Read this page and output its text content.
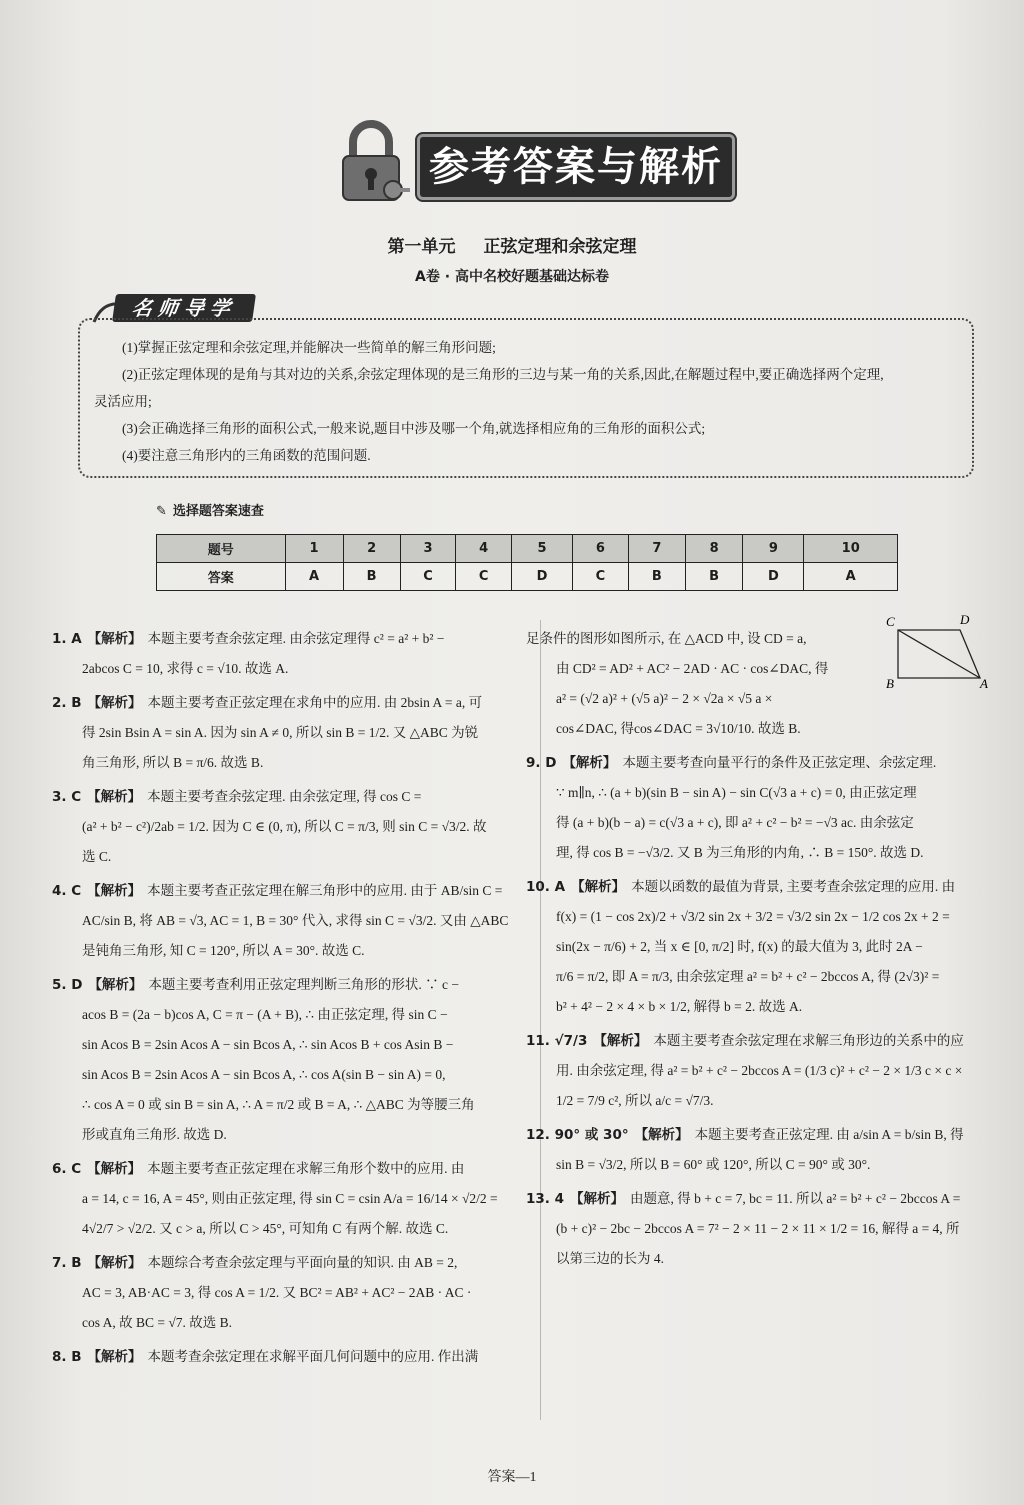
参考答案与解析
第一单元 正弦定理和余弦定理
A卷 · 高中名校好题基础达标卷
名师导学

(1)掌握正弦定理和余弦定理,并能解决一些简单的解三角形问题;

(2)正弦定理体现的是角与其对边的关系,余弦定理体现的是三角形的三边与某一角的关系,因此,在解题过程中,要正确选择两个定理,

灵活应用;

(3)会正确选择三角形的面积公式,一般来说,题目中涉及哪一个角,就选择相应角的三角形的面积公式;

(4)要注意三角形内的三角函数的范围问题.

✎ 选择题答案速查
题号	1	2	3	4	5	6	7	8	9	10
答案	A	B	C	C	D	C	B	B	D	A
1. A 【解析】 本题主要考查余弦定理. 由余弦定理得 c² = a² + b² −
2abcos C = 10, 求得 c = √10. 故选 A.
2. B 【解析】 本题主要考查正弦定理在求角中的应用. 由 2bsin A = a, 可
得 2sin Bsin A = sin A. 因为 sin A ≠ 0, 所以 sin B = 1/2. 又 △ABC 为锐
角三角形, 所以 B = π/6. 故选 B.
3. C 【解析】 本题主要考查余弦定理. 由余弦定理, 得 cos C =
(a² + b² − c²)/2ab = 1/2. 因为 C ∈ (0, π), 所以 C = π/3, 则 sin C = √3/2. 故
选 C.
4. C 【解析】 本题主要考查正弦定理在解三角形中的应用. 由于 AB/sin C =
AC/sin B, 将 AB = √3, AC = 1, B = 30° 代入, 求得 sin C = √3/2. 又由 △ABC
是钝角三角形, 知 C = 120°, 所以 A = 30°. 故选 C.
5. D 【解析】 本题主要考查利用正弦定理判断三角形的形状. ∵ c −
acos B = (2a − b)cos A, C = π − (A + B), ∴ 由正弦定理, 得 sin C −
sin Acos B = 2sin Acos A − sin Bcos A, ∴ sin Acos B + cos Asin B −
sin Acos B = 2sin Acos A − sin Bcos A, ∴ cos A(sin B − sin A) = 0,
∴ cos A = 0 或 sin B = sin A, ∴ A = π/2 或 B = A, ∴ △ABC 为等腰三角
形或直角三角形. 故选 D.
6. C 【解析】 本题主要考查正弦定理在求解三角形个数中的应用. 由
a = 14, c = 16, A = 45°, 则由正弦定理, 得 sin C = csin A/a = 16/14 × √2/2 =
4√2/7 > √2/2. 又 c > a, 所以 C > 45°, 可知角 C 有两个解. 故选 C.
7. B 【解析】 本题综合考查余弦定理与平面向量的知识. 由 AB = 2,
AC = 3, AB·AC = 3, 得 cos A = 1/2. 又 BC² = AB² + AC² − 2AB · AC ·
cos A, 故 BC = √7. 故选 B.
8. B 【解析】 本题考查余弦定理在求解平面几何问题中的应用. 作出满
足条件的图形如图所示, 在 △ACD 中, 设 CD = a,
由 CD² = AD² + AC² − 2AD · AC · cos∠DAC, 得
a² = (√2 a)² + (√5 a)² − 2 × √2a × √5 a ×
cos∠DAC, 得cos∠DAC = 3√10/10. 故选 B.
9. D 【解析】 本题主要考查向量平行的条件及正弦定理、余弦定理.
∵ m∥n, ∴ (a + b)(sin B − sin A) − sin C(√3 a + c) = 0, 由正弦定理
得 (a + b)(b − a) = c(√3 a + c), 即 a² + c² − b² = −√3 ac. 由余弦定
理, 得 cos B = −√3/2. 又 B 为三角形的内角, ∴ B = 150°. 故选 D.
10. A 【解析】 本题以函数的最值为背景, 主要考查余弦定理的应用. 由
f(x) = (1 − cos 2x)/2 + √3/2 sin 2x + 3/2 = √3/2 sin 2x − 1/2 cos 2x + 2 =
sin(2x − π/6) + 2, 当 x ∈ [0, π/2] 时, f(x) 的最大值为 3, 此时 2A −
π/6 = π/2, 即 A = π/3, 由余弦定理 a² = b² + c² − 2bccos A, 得 (2√3)² =
b² + 4² − 2 × 4 × b × 1/2, 解得 b = 2. 故选 A.
11. √7/3 【解析】 本题主要考查余弦定理在求解三角形边的关系中的应
用. 由余弦定理, 得 a² = b² + c² − 2bccos A = (1/3 c)² + c² − 2 × 1/3 c × c ×
1/2 = 7/9 c², 所以 a/c = √7/3.
12. 90° 或 30° 【解析】 本题主要考查正弦定理. 由 a/sin A = b/sin B, 得
sin B = √3/2, 所以 B = 60° 或 120°, 所以 C = 90° 或 30°.
13. 4 【解析】 由题意, 得 b + c = 7, bc = 11. 所以 a² = b² + c² − 2bccos A =
(b + c)² − 2bc − 2bccos A = 7² − 2 × 11 − 2 × 11 × 1/2 = 16, 解得 a = 4, 所
以第三边的长为 4.
C	D
B	A
答案—1
